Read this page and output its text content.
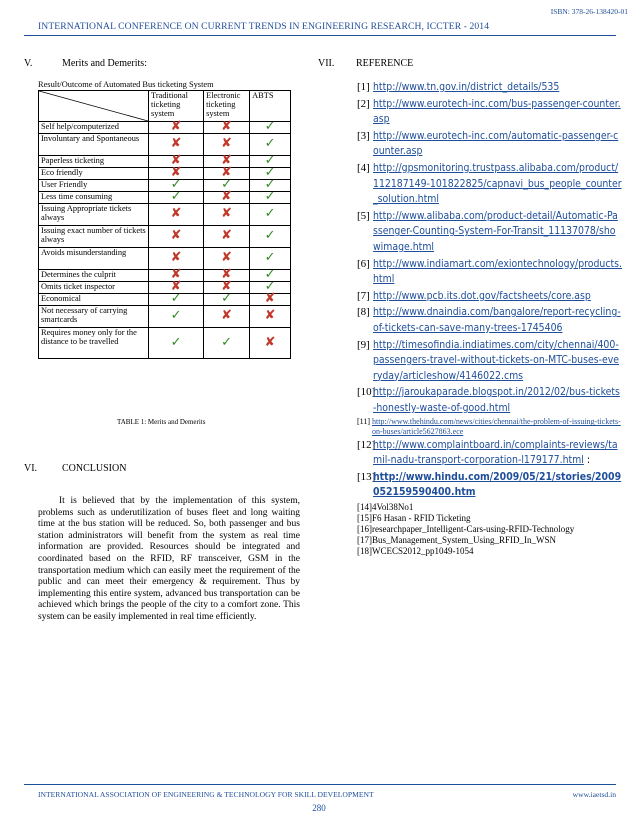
ISBN: 378-26-138420-01
INTERNATIONAL CONFERENCE ON CURRENT TRENDS IN ENGINEERING RESEARCH, ICCTER - 2014
V.	Merits and Demerits:
Result/Outcome of Automated Bus ticketing System
	Traditional ticketing system	Electronic ticketing system	ABTS
Self help/computerized	✘	✘	✓
Involuntary and Spontaneous	✘	✘	✓
Paperless ticketing	✘	✘	✓
Eco friendly	✘	✘	✓
User Friendly	✓	✓	✓
Less time consuming	✓	✘	✓
Issuing Appropriate tickets always	✘	✘	✓
Issuing exact number of tickets always	✘	✘	✓
Avoids misunderstanding	✘	✘	✓
Determines the culprit	✘	✘	✓
Omits ticket inspector	✘	✘	✓
Economical	✓	✓	✘
Not necessary of carrying smartcards	✓	✘	✘
Requires money only for the distance to be travelled	✓	✓	✘
TABLE 1: Merits and Demerits
VI.	CONCLUSION
It is believed that by the implementation of this system, problems such as underutilization of buses fleet and long waiting time at the bus station will be reduced. So, both passenger and bus station administrators will benefit from the system as real time information are provided. Resources should be integrated and coordinated based on the RFID, RF transceiver, GSM in the transportation medium which can easily meet the requirement of the public and can meet their emergency & requirement. Thus by implementing this entire system, advanced bus transportation can be achieved which brings the people of the city to a comfort zone. This system can be easily implemented in real time efficiently.
VII.	REFERENCE
[1] http://www.tn.gov.in/district_details/535
[2] http://www.eurotech-inc.com/bus-passenger-counter.asp
[3] http://www.eurotech-inc.com/automatic-passenger-counter.asp
[4] http://gpsmonitoring.trustpass.alibaba.com/product/112187149-101822825/capnavi_bus_people_counter_solution.html
[5] http://www.alibaba.com/product-detail/Automatic-Passenger-Counting-System-For-Transit_11137078/showimage.html
[6] http://www.indiamart.com/exiontechnology/products.html
[7] http://www.pcb.its.dot.gov/factsheets/core.asp
[8] http://www.dnaindia.com/bangalore/report-recycling-of-tickets-can-save-many-trees-1745406
[9] http://timesofindia.indiatimes.com/city/chennai/400-passengers-travel-without-tickets-on-MTC-buses-everyday/articleshow/4146022.cms
[10]
http://jaroukaparade.blogspot.in/2012/02/bus-tickets-honestly-waste-of-good.html
[11] http://www.thehindu.com/news/cities/chennai/the-problem-of-issuing-tickets-on-buses/article5627863.ece
[12]
http://www.complaintboard.in/complaints-reviews/tamil-nadu-transport-corporation-l179177.html :
[13]
http://www.hindu.com/2009/05/21/stories/2009052159590400.htm
[14] 4Vol38No1
[15] F6 Hasan - RFID Ticketing
[16] researchpaper_Intelligent-Cars-using-RFID-Technology
[17] Bus_Management_System_Using_RFID_In_WSN
[18] WCECS2012_pp1049-1054
INTERNATIONAL ASSOCIATION OF ENGINEERING & TECHNOLOGY FOR SKILL DEVELOPMENT	www.iaetsd.in
280
